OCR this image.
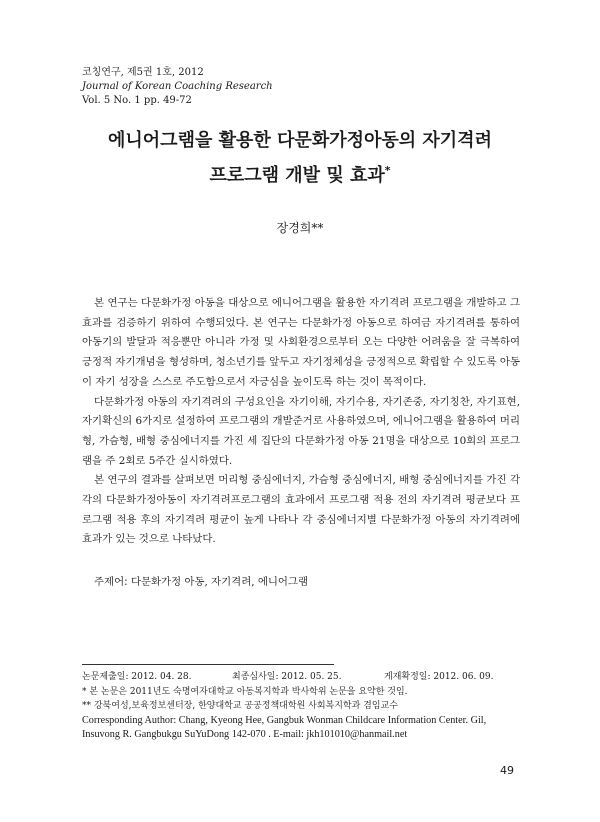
코칭연구, 제5권 1호, 2012
Journal of Korean Coaching Research
Vol. 5 No. 1 pp. 49-72
에니어그램을 활용한 다문화가정아동의 자기격려
프로그램 개발 및 효과*
장경희**

본 연구는 다문화가정 아동을 대상으로 에니어그램을 활용한 자기격려 프로그램을 개발하고 그 효과를 검증하기 위하여 수행되었다. 본 연구는 다문화가정 아동으로 하여금 자기격려를 통하여 아동기의 발달과 적응뿐만 아니라 가정 및 사회환경으로부터 오는 다양한 어려움을 잘 극복하여 긍정적 자기개념을 형성하며, 청소년기를 앞두고 자기정체성을 긍정적으로 확립할 수 있도록 아동이 자기 성장을 스스로 주도함으로서 자긍심을 높이도록 하는 것이 목적이다.

다문화가정 아동의 자기격려의 구성요인을 자기이해, 자기수용, 자기존중, 자기칭찬, 자기표현, 자기확신의 6가지로 설정하여 프로그램의 개발준거로 사용하였으며, 에니어그램을 활용하여 머리형, 가슴형, 배형 중심에너지를 가진 세 집단의 다문화가정 아동 21명을 대상으로 10회의 프로그램을 주 2회로 5주간 실시하였다.

본 연구의 결과를 살펴보면 머리형 중심에너지, 가슴형 중심에너지, 배형 중심에너지를 가진 각각의 다문화가정아동이 자기격려프로그램의 효과에서 프로그램 적용 전의 자기격려 평균보다 프로그램 적용 후의 자기격려 평균이 높게 나타나 각 중심에너지별 다문화가정 아동의 자기격려에 효과가 있는 것으로 나타났다.

주제어: 다문화가정 아동, 자기격려, 에니어그램
논문제출일: 2012. 04. 28.	최종심사일: 2012. 05. 25.	게재확정일: 2012. 06. 09.
* 본 논문은 2011년도 숙명여자대학교 아동복지학과 박사학위 논문을 요약한 것임.
** 강북여성,보육정보센터장, 한양대학교 공공정책대학원 사회복지학과 겸임교수
Corresponding Author: Chang, Kyeong Hee, Gangbuk Wonman Childcare Information Center. Gil,
Insuvong R. Gangbukgu SuYuDong 142-070 . E-mail: jkh101010@hanmail.net
49
